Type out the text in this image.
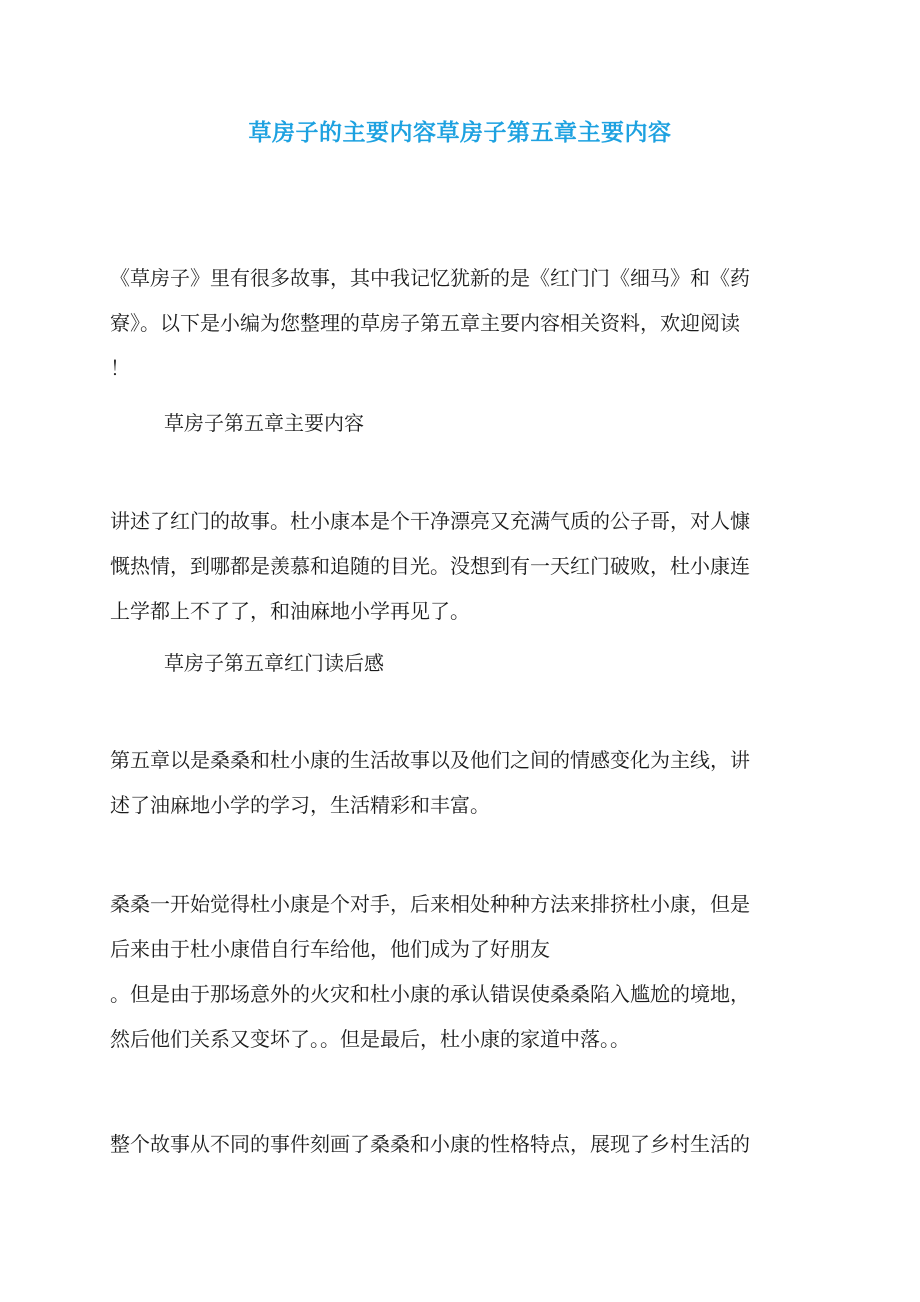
草房子的主要内容草房子第五章主要内容
《草房子》里有很多故事，其中我记忆犹新的是《红门门《细马》和《药
寮》。以下是小编为您整理的草房子第五章主要内容相关资料，欢迎阅读
！
草房子第五章主要内容
讲述了红门的故事。杜小康本是个干净漂亮又充满气质的公子哥，对人慷
慨热情，到哪都是羡慕和追随的目光。没想到有一天红门破败，杜小康连
上学都上不了了，和油麻地小学再见了。
草房子第五章红门读后感
第五章以是桑桑和杜小康的生活故事以及他们之间的情感变化为主线，讲
述了油麻地小学的学习，生活精彩和丰富。
桑桑一开始觉得杜小康是个对手，后来相处种种方法来排挤杜小康，但是
后来由于杜小康借自行车给他，他们成为了好朋友
。但是由于那场意外的火灾和杜小康的承认错误使桑桑陷入尴尬的境地，
然后他们关系又变坏了。。但是最后，杜小康的家道中落。。
整个故事从不同的事件刻画了桑桑和小康的性格特点，展现了乡村生活的
